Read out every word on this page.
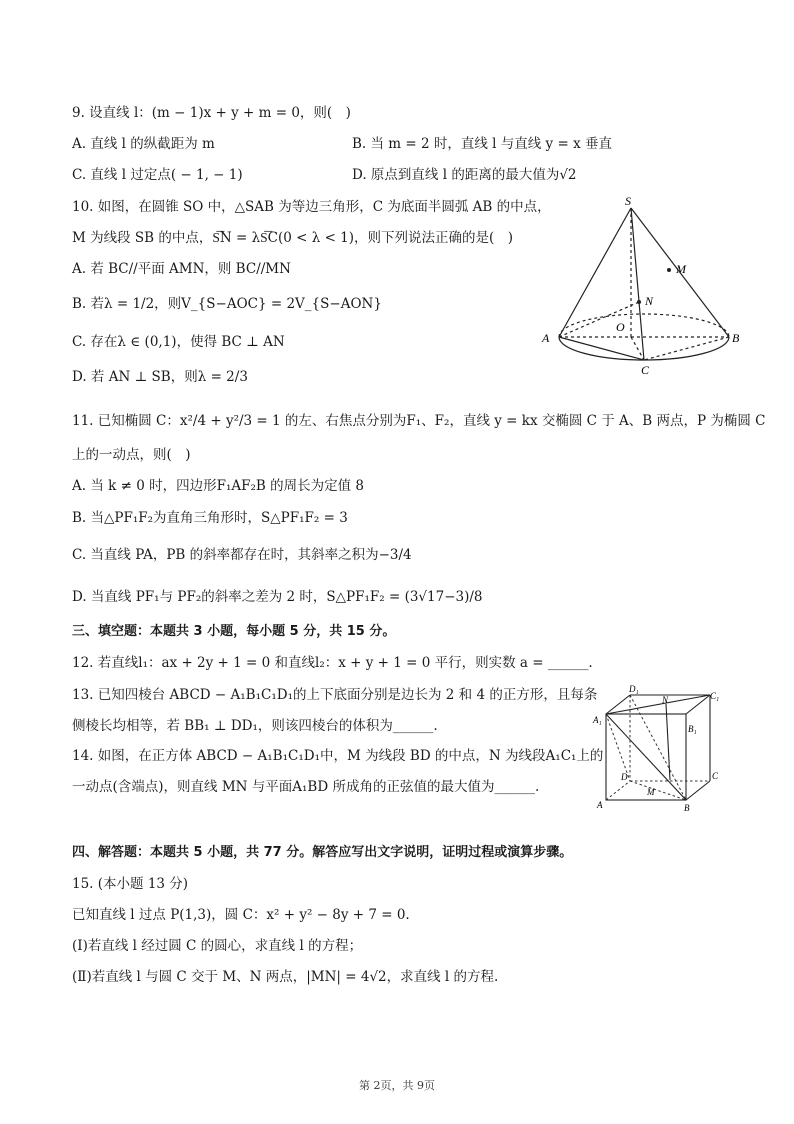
9. 设直线 l：(m − 1)x + y + m = 0，则(　)
A. 直线 l 的纵截距为 m	B. 当 m = 2 时，直线 l 与直线 y = x 垂直
C. 直线 l 过定点( − 1, − 1)	D. 原点到直线 l 的距离的最大值为√2
10. 如图，在圆锥 SO 中，△SAB 为等边三角形，C 为底面半圆弧 AB 的中点，
M 为线段 SB 的中点，S͞N = λS͞C(0 < λ < 1)，则下列说法正确的是(　)
A. 若 BC//平面 AMN，则 BC//MN
B. 若λ = 1/2，则V_{S−AOC} = 2V_{S−AON}
C. 存在λ ∈ (0,1)，使得 BC ⊥ AN
D. 若 AN ⊥ SB，则λ = 2/3
S
M
N
O
A	B
C
11. 已知椭圆 C：x²/4 + y²/3 = 1 的左、右焦点分别为F₁、F₂，直线 y = kx 交椭圆 C 于 A、B 两点，P 为椭圆 C
上的一动点，则(　)
A. 当 k ≠ 0 时，四边形F₁AF₂B 的周长为定值 8
B. 当△PF₁F₂为直角三角形时，S△PF₁F₂ = 3
C. 当直线 PA，PB 的斜率都存在时，其斜率之积为−3/4
D. 当直线 PF₁与 PF₂的斜率之差为 2 时，S△PF₁F₂ = (3√17−3)/8
三、填空题：本题共 3 小题，每小题 5 分，共 15 分。
12. 若直线l₁：ax + 2y + 1 = 0 和直线l₂：x + y + 1 = 0 平行，则实数 a = ______.
13. 已知四棱台 ABCD − A₁B₁C₁D₁的上下底面分别是边长为 2 和 4 的正方形，且每条
侧棱长均相等，若 BB₁ ⊥ DD₁，则该四棱台的体积为______.
14. 如图，在正方体 ABCD − A₁B₁C₁D₁中，M 为线段 BD 的中点，N 为线段A₁C₁上的
一动点(含端点)，则直线 MN 与平面A₁BD 所成角的正弦值的最大值为______.
D₁
C₁
A₁
N
B₁
D	C
A
M
B
四、解答题：本题共 5 小题，共 77 分。解答应写出文字说明，证明过程或演算步骤。
15. (本小题 13 分)
已知直线 l 过点 P(1,3)，圆 C：x² + y² − 8y + 7 = 0.
(Ⅰ)若直线 l 经过圆 C 的圆心，求直线 l 的方程；
(Ⅱ)若直线 l 与圆 C 交于 M、N 两点，|MN| = 4√2，求直线 l 的方程.
第 2页，共 9页
